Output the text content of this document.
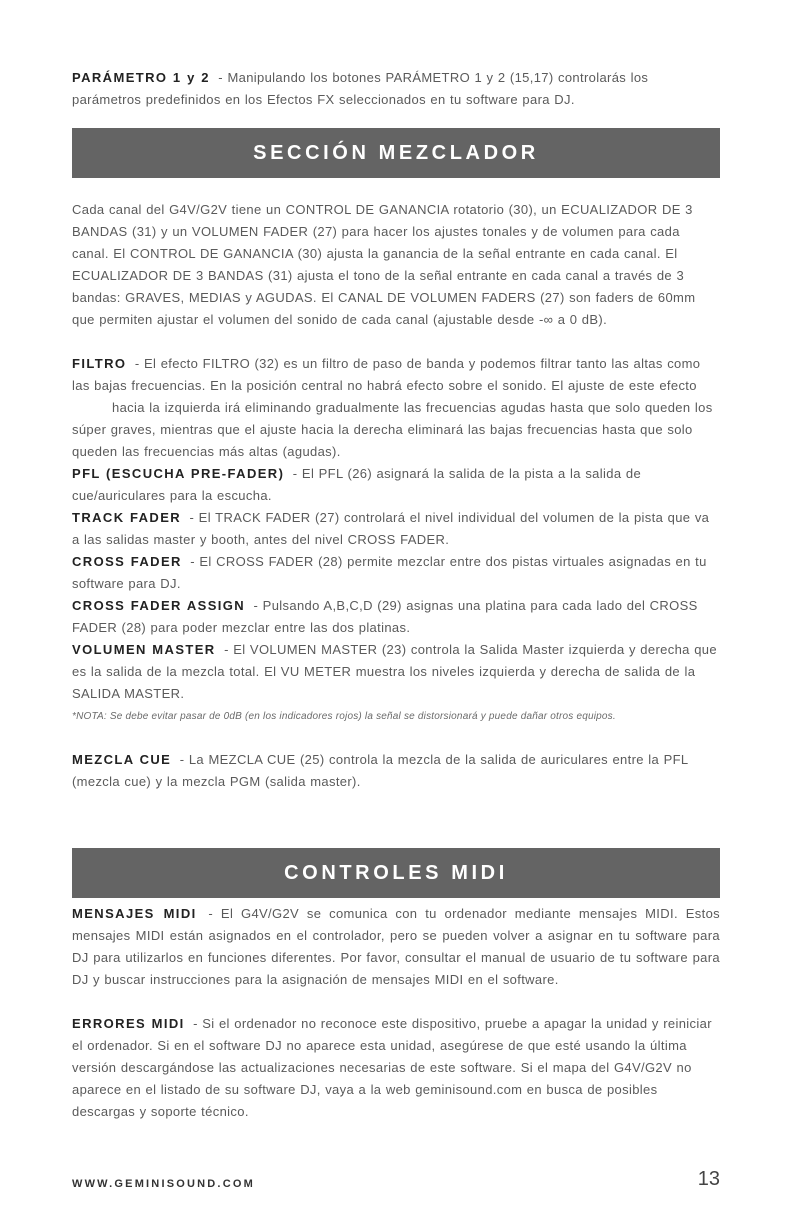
PARÁMETRO 1 y 2 - Manipulando los botones PARÁMETRO 1 y 2 (15,17) controlarás los parámetros predefinidos en los Efectos FX seleccionados en tu software para DJ.

SECCIÓN MEZCLADOR

Cada canal del G4V/G2V tiene un CONTROL DE GANANCIA rotatorio (30), un ECUALIZADOR DE 3 BANDAS (31) y un VOLUMEN FADER (27) para hacer los ajustes tonales y de volumen para cada canal. El CONTROL DE GANANCIA (30) ajusta la ganancia de la señal entrante en cada canal. El ECUALIZADOR DE 3 BANDAS (31) ajusta el tono de la señal entrante en cada canal a través de 3 bandas: GRAVES, MEDIAS y AGUDAS. El CANAL DE VOLUMEN FADERS (27) son faders de 60mm que permiten ajustar el volumen del sonido de cada canal (ajustable desde -∞ a 0 dB).

FILTRO - El efecto FILTRO (32) es un filtro de paso de banda y podemos filtrar tanto las altas como las bajas frecuencias. En la posición central no habrá efecto sobre el sonido. El ajuste de este efectohacia la izquierda irá eliminando gradualmente las frecuencias agudas hasta que solo queden los súper graves, mientras que el ajuste hacia la derecha eliminará las bajas frecuencias hasta que solo queden las frecuencias más altas (agudas).

PFL (ESCUCHA PRE-FADER) - El PFL (26) asignará la salida de la pista a la salida de cue/auriculares para la escucha.

TRACK FADER - El TRACK FADER (27) controlará el nivel individual del volumen de la pista que va a las salidas master y booth, antes del nivel CROSS FADER.

CROSS FADER - El CROSS FADER (28) permite mezclar entre dos pistas virtuales asignadas en tu software para DJ.

CROSS FADER ASSIGN - Pulsando A,B,C,D (29) asignas una platina para cada lado del CROSS FADER (28) para poder mezclar entre las dos platinas.

VOLUMEN MASTER - El VOLUMEN MASTER (23) controla la Salida Master izquierda y derecha que es la salida de la mezcla total. El VU METER muestra los niveles izquierda y derecha de salida de la SALIDA MASTER.

*NOTA: Se debe evitar pasar de 0dB (en los indicadores rojos) la señal se distorsionará y puede dañar otros equipos.

MEZCLA CUE - La MEZCLA CUE (25) controla la mezcla de la salida de auriculares entre la PFL (mezcla cue) y la mezcla PGM (salida master).

CONTROLES MIDI

MENSAJES MIDI - El G4V/G2V se comunica con tu ordenador mediante mensajes MIDI. Estos mensajes MIDI están asignados en el controlador, pero se pueden volver a asignar en tu software para DJ para utilizarlos en funciones diferentes. Por favor, consultar el manual de usuario de tu software para DJ y buscar instrucciones para la asignación de mensajes MIDI en el software.

ERRORES MIDI - Si el ordenador no reconoce este dispositivo, pruebe a apagar la unidad y reiniciar el ordenador. Si en el software DJ no aparece esta unidad, asegúrese de que esté usando la última versión descargándose las actualizaciones necesarias de este software. Si el mapa del G4V/G2V no aparece en el listado de su software DJ, vaya a la web geminisound.com en busca de posibles descargas y soporte técnico.

WWW.GEMINISOUND.COM	13
